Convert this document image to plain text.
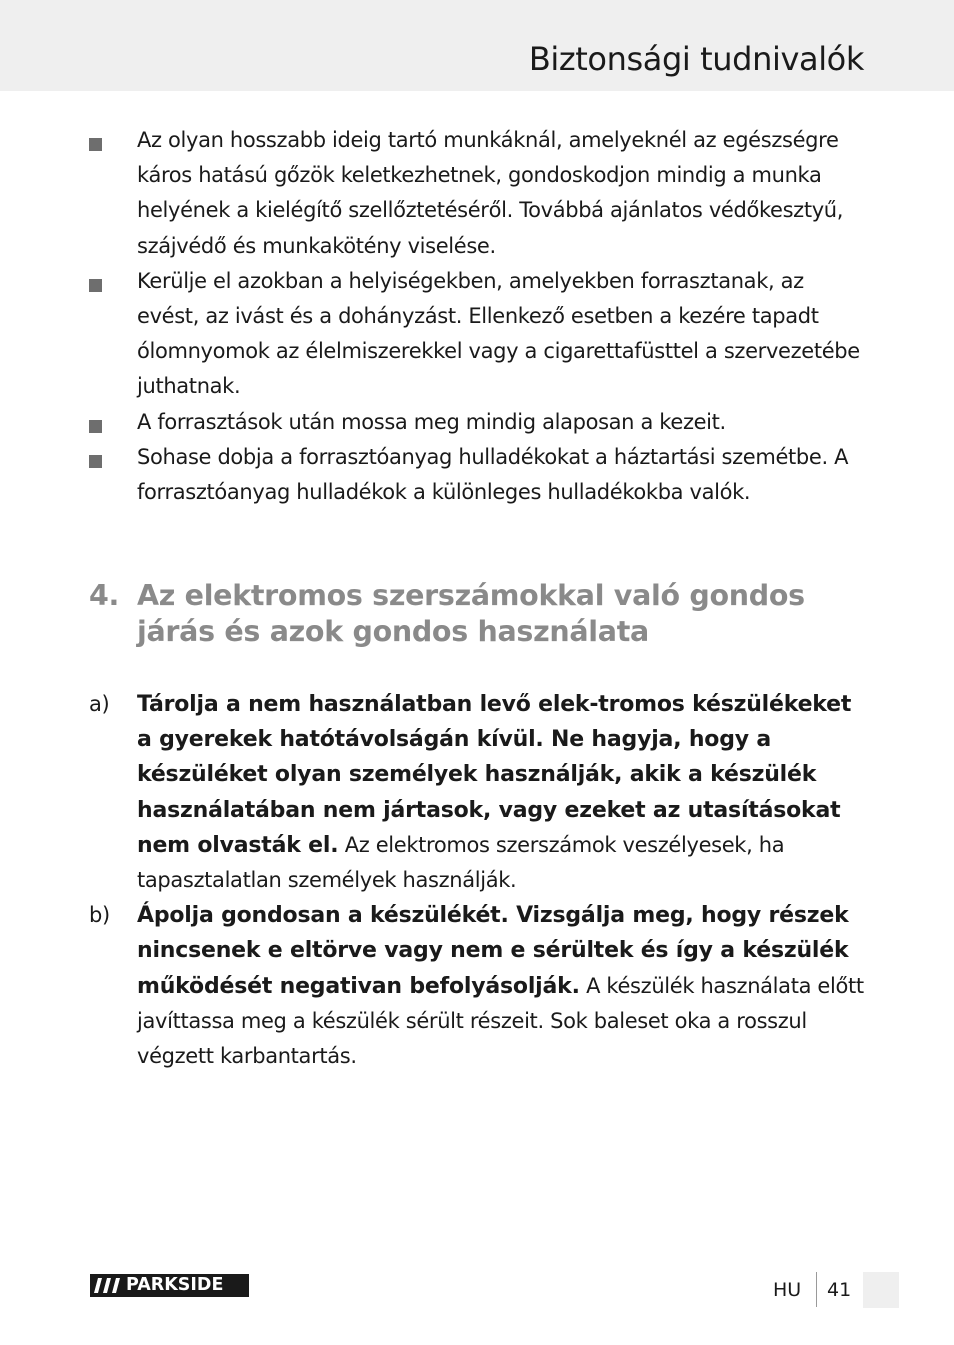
Biztonsági tudnivalók
Az olyan hosszabb ideig tartó munkáknál, amelyeknél az egészségre káros hatású gőzök keletkezhetnek, gondoskodjon mindig a munka helyének a kielégítő szellőztetéséről. Továbbá ajánlatos védőkesztyű, szájvédő és munkakötény viselése.
Kerülje el azokban a helyiségekben, amelyekben forrasztanak, az evést, az ivást és a dohányzást. Ellenkező esetben a kezére tapadt ólomnyomok az élelmiszerekkel vagy a cigarettafüsttel a szervezetébe juthatnak.
A forrasztások után mossa meg mindig alaposan a kezeit.
Sohase dobja a forrasztóanyag hulladékokat a háztartási szemétbe. A forrasztóanyag hulladékok a különleges hulladékokba valók.
4. Az elektromos szerszámokkal való gondos járás és azok gondos használata
a) Tárolja a nem használatban levő elek-tromos készülékeket a gyerekek hatótávolságán kívül. Ne hagyja, hogy a készüléket olyan személyek használják, akik a készülék használatában nem jártasok, vagy ezeket az utasításokat nem olvasták el. Az elektromos szerszámok veszélyesek, ha tapasztalatlan személyek használják.
b) Ápolja gondosan a készülékét. Vizsgálja meg, hogy részek nincsenek e eltörve vagy nem e sérültek és így a készülék működését negativan befolyásolják. A készülék használata előtt javíttassa meg a készülék sérült részeit. Sok baleset oka a rosszul végzett karbantartás.
PARKSIDE	HU 41
